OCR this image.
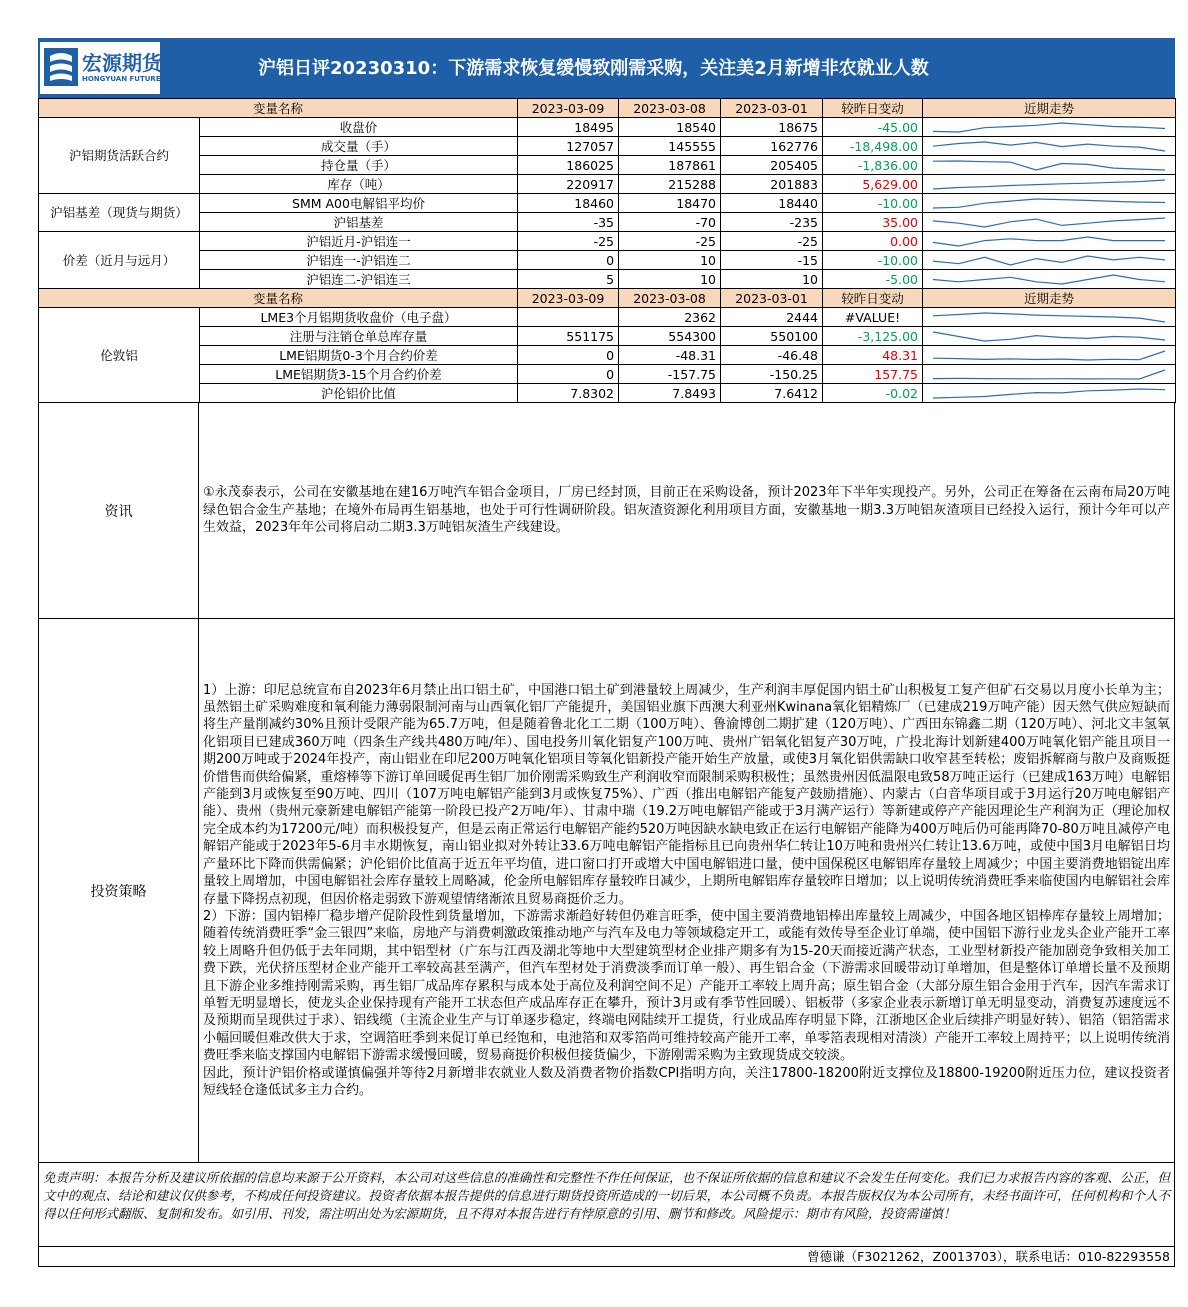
宏源期货
HONGYUAN FUTURES	沪铝日评20230310：下游需求恢复缓慢致刚需采购，关注美2月新增非农就业人数
变量名称		2023-03-09	2023-03-08	2023-03-01	较昨日变动	近期走势
沪铝期货活跃合约	收盘价	18495	18540	18675	-45.00	

	成交量（手）	127057	145555	162776	-18,498.00	

	持仓量（手）	186025	187861	205405	-1,836.00	

	库存（吨）	220917	215288	201883	5,629.00	

沪铝基差（现货与期货）	SMM A00电解铝平均价	18460	18470	18440	-10.00	

	沪铝基差	-35	-70	-235	35.00	

价差（近月与远月）	沪铝近月-沪铝连一	-25	-25	-25	0.00	

	沪铝连一-沪铝连二	0	10	-15	-10.00	

	沪铝连二-沪铝连三	5	10	10	-5.00	

变量名称		2023-03-09	2023-03-08	2023-03-01	较昨日变动	近期走势
伦敦铝	LME3个月铝期货收盘价（电子盘）		2362	2444	#VALUE!	

	注册与注销仓单总库存量	551175	554300	550100	-3,125.00	

	LME铝期货0-3个月合约价差	0	-48.31	-46.48	48.31	

	LME铝期货3-15个月合约价差	0	-157.75	-150.25	157.75	

	沪伦铝价比值	7.8302	7.8493	7.6412	-0.02	
资讯
①永茂泰表示，公司在安徽基地在建16万吨汽车铝合金项目，厂房已经封顶，目前正在采购设备，预计2023年下半年实现投产。另外，公司正在筹备在云南布局20万吨绿色铝合金生产基地；在境外布局再生铝基地，也处于可行性调研阶段。铝灰渣资源化利用项目方面，安徽基地一期3.3万吨铝灰渣项目已经投入运行，预计今年可以产生效益，2023年年公司将启动二期3.3万吨铝灰渣生产线建设。
投资策略
1）上游：印尼总统宣布自2023年6月禁止出口铝土矿，中国港口铝土矿到港量较上周减少，生产利润丰厚促国内铝土矿山积极复工复产但矿石交易以月度小长单为主；虽然铝土矿采购难度和氧利能力薄弱限制河南与山西氧化铝厂产能提升，美国铝业旗下西澳大利亚州Kwinana氧化铝精炼厂（已建成219万吨产能）因天然气供应短缺而将生产量削减约30%且预计受限产能为65.7万吨，但是随着鲁北化工二期（100万吨）、鲁渝博创二期扩建（120万吨）、广西田东锦鑫二期（120万吨）、河北文丰氢氧化铝项目已建成360万吨（四条生产线共480万吨/年）、国电投务川氧化铝复产100万吨、贵州广铝氧化铝复产30万吨，广投北海计划新建400万吨氧化铝产能且项目一期200万吨或于2024年投产，南山铝业在印尼200万吨氧化铝项目等氧化铝新投产能开始生产放量，或使3月氧化铝供需缺口收窄甚至转松；废铝拆解商与散户及商贩挺价惜售而供给偏紧，重熔棒等下游订单回暖促再生铝厂加价刚需采购致生产利润收窄而限制采购积极性；虽然贵州因低温限电致58万吨正运行（已建成163万吨）电解铝产能到3月或恢复至90万吨、四川（107万吨电解铝产能到3月或恢复75%）、广西（推出电解铝产能复产鼓励措施）、内蒙古（白音华项目或于3月运行20万吨电解铝产能）、贵州（贵州元豪新建电解铝产能第一阶段已投产2万吨/年）、甘肃中瑞（19.2万吨电解铝产能或于3月满产运行）等新建或停产产能因理论生产利润为正（理论加权完全成本约为17200元/吨）而积极投复产，但是云南正常运行电解铝产能约520万吨因缺水缺电致正在运行电解铝产能降为400万吨后仍可能再降70-80万吨且减停产电解铝产能或于2023年5-6月丰水期恢复，南山铝业拟对外转让33.6万吨电解铝产能指标且已向贵州华仁转让10万吨和贵州兴仁转让13.6万吨，或使中国3月电解铝日均产量环比下降而供需偏紧；沪伦铝价比值高于近五年平均值，进口窗口打开或增大中国电解铝进口量，使中国保税区电解铝库存量较上周减少；中国主要消费地铝锭出库量较上周增加，中国电解铝社会库存量较上周略减，伦金所电解铝库存量较昨日减少，上期所电解铝库存量较昨日增加；以上说明传统消费旺季来临使国内电解铝社会库存量下降拐点初现，但因价格走弱致下游观望情绪渐浓且贸易商挺价乏力。
2）下游：国内铝棒厂稳步增产促阶段性到货量增加，下游需求渐趋好转但仍难言旺季，使中国主要消费地铝棒出库量较上周减少，中国各地区铝棒库存量较上周增加；随着传统消费旺季“金三银四”来临，房地产与消费刺激政策推动地产与汽车及电力等领域稳定开工，或能有效传导至企业订单端，使中国铝下游行业龙头企业产能开工率较上周略升但仍低于去年同期，其中铝型材（广东与江西及湖北等地中大型建筑型材企业排产期多有为15-20天而接近满产状态，工业型材新投产能加剧竞争致相关加工费下跌，光伏挤压型材企业产能开工率较高甚至满产，但汽车型材处于消费淡季而订单一般）、再生铝合金（下游需求回暖带动订单增加，但是整体订单增长量不及预期且下游企业多维持刚需采购，再生铝厂成品库存累积与成本处于高位及利润空间不足）产能开工率较上周升高；原生铝合金（大部分原生铝合金用于汽车，因汽车需求订单暂无明显增长，使龙头企业保持现有产能开工状态但产成品库存正在攀升，预计3月或有季节性回暖）、铝板带（多家企业表示新增订单无明显变动，消费复苏速度远不及预期而呈现供过于求）、铝线缆（主流企业生产与订单逐步稳定，终端电网陆续开工提货，行业成品库存明显下降，江浙地区企业后续排产明显好转）、铝箔（铝箔需求小幅回暖但难改供大于求，空调箔旺季到来促订单已经饱和，电池箔和双零箔尚可维持较高产能开工率，单零箔表现相对清淡）产能开工率较上周持平；以上说明传统消费旺季来临支撑国内电解铝下游需求缓慢回暖，贸易商挺价积极但接货偏少，下游刚需采购为主致现货成交较淡。
因此，预计沪铝价格或谨慎偏强并等待2月新增非农就业人数及消费者物价指数CPI指明方向，关注17800-18200附近支撑位及18800-19200附近压力位，建议投资者短线轻仓逢低试多主力合约。
免责声明：本报告分析及建议所依据的信息均来源于公开资料，本公司对这些信息的准确性和完整性不作任何保证，也不保证所依据的信息和建议不会发生任何变化。我们已力求报告内容的客观、公正，但文中的观点、结论和建议仅供参考，不构成任何投资建议。投资者依据本报告提供的信息进行期货投资所造成的一切后果，本公司概不负责。本报告版权仅为本公司所有，未经书面许可，任何机构和个人不得以任何形式翻版、复制和发布。如引用、刊发，需注明出处为宏源期货，且不得对本报告进行有悖原意的引用、删节和修改。风险提示：期市有风险，投资需谨慎！
曾德谦（F3021262，Z0013703），联系电话：010-82293558
